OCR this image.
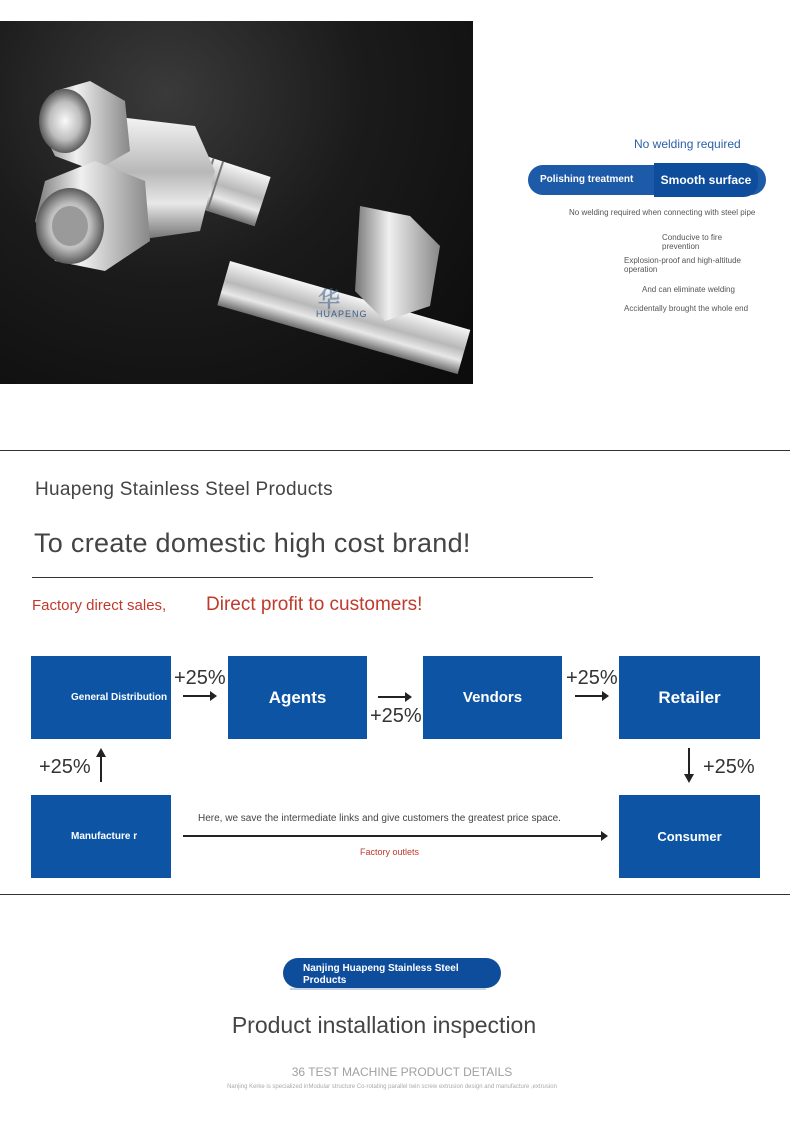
华
HUAPENG
No welding required
Polishing treatment	Smooth surface
No welding required when connecting with steel pipe
Conducive to fire prevention
Explosion-proof and high-altitude operation
And can eliminate welding
Accidentally brought the whole end
Huapeng Stainless Steel Products
To create domestic high cost brand!
Factory direct sales, Direct profit to customers!
General Distribution
+25%
Agents
+25%
Vendors
+25%
Retailer
+25%	+25%
Manufacture r
Here, we save the intermediate links and give customers the greatest price space.
Factory outlets
Consumer
Nanjing Huapeng Stainless Steel Products
Product installation inspection
36 TEST MACHINE PRODUCT DETAILS
Nanjing Kerke is specialized inModular structure Co-rotating parallel twin screw extrusion design and manufacture ,extrusion
